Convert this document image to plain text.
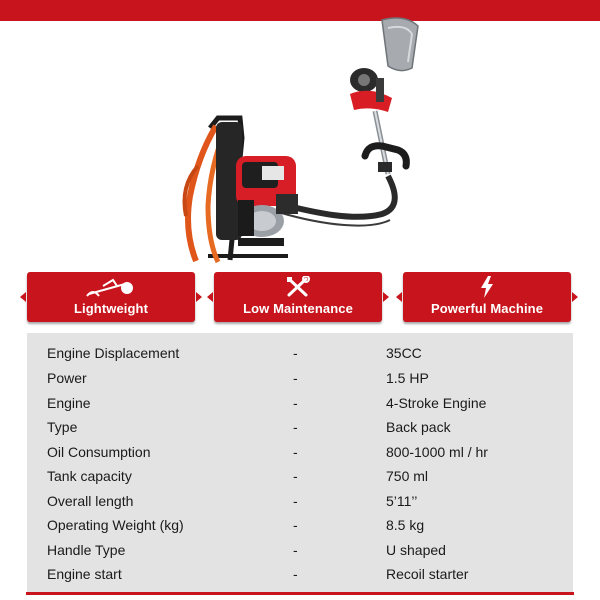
Lightweight	Low Maintenance	Powerful Machine
Engine Displacement	-	35CC
Power	-	1.5 HP
Engine	-	4-Stroke Engine
Type	-	Back pack
Oil Consumption	-	800-1000 ml / hr
Tank capacity	-	750 ml
Overall length	-	5’11’’
Operating Weight (kg)	-	8.5 kg
Handle Type	-	U shaped
Engine start	-	Recoil starter
